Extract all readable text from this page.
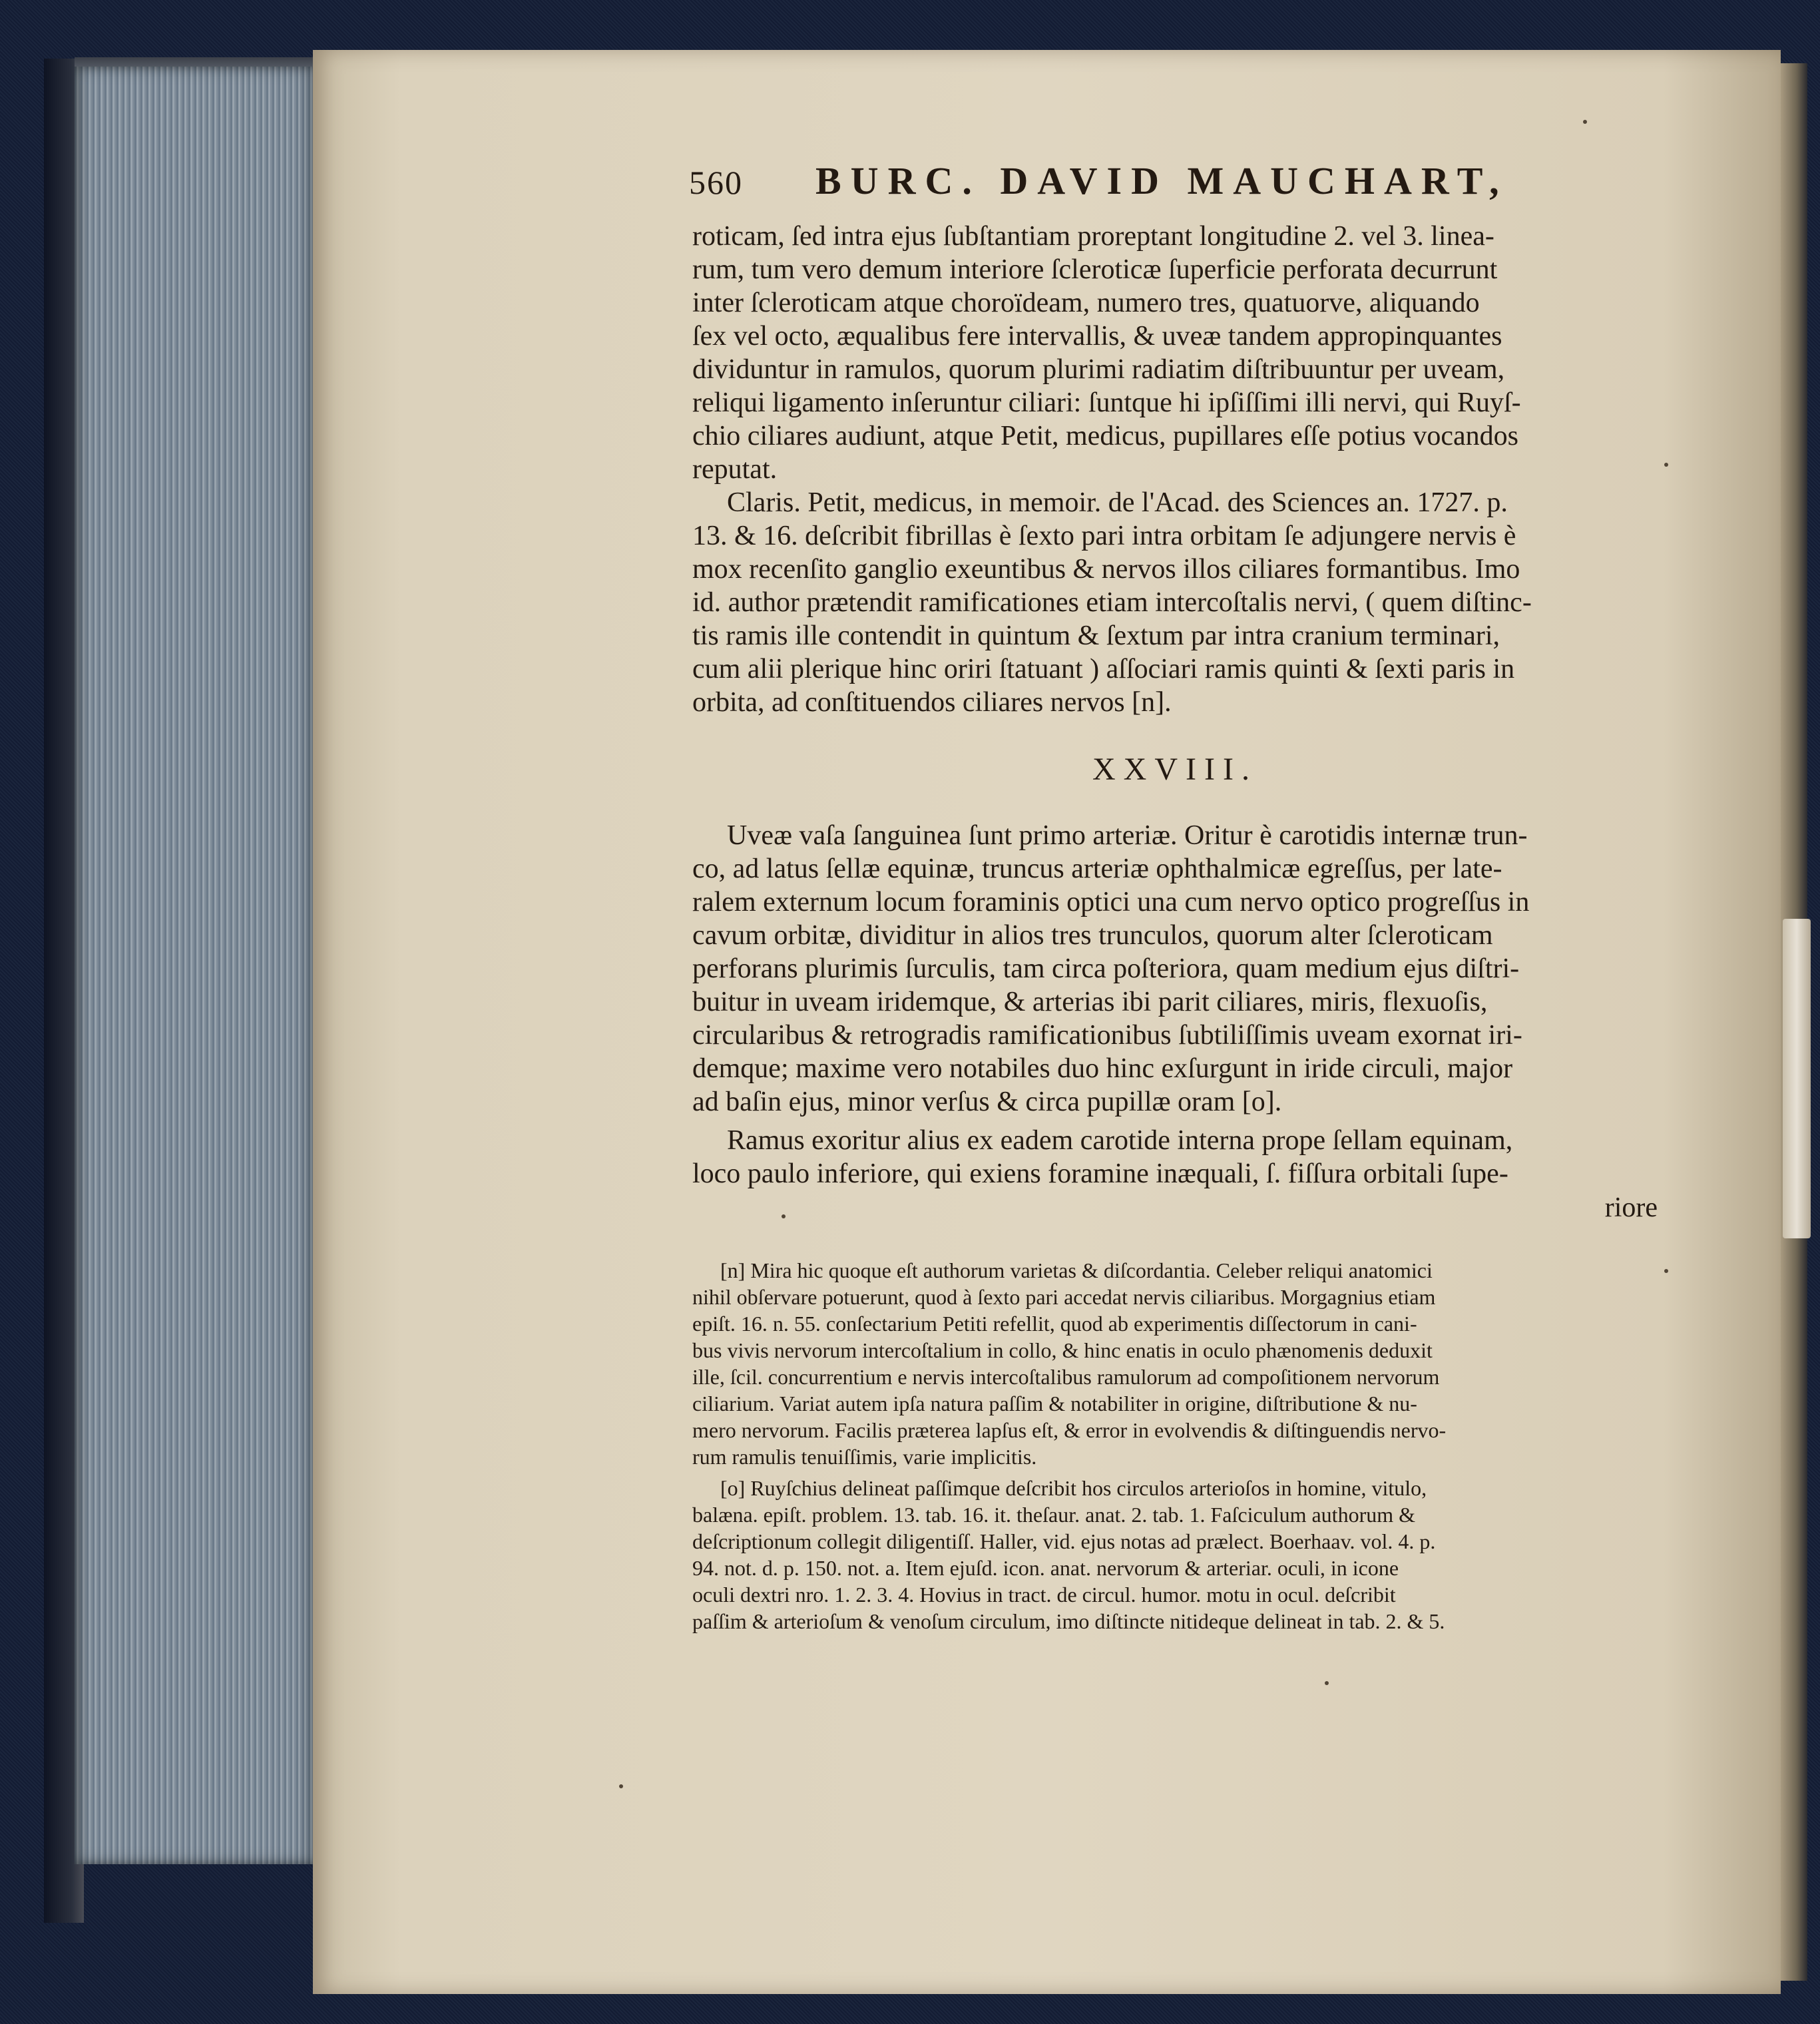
560	BURC. DAVID MAUCHART,
roticam, ſed intra ejus ſubſtantiam proreptant longitudine 2. vel 3. linea-
rum, tum vero demum interiore ſcleroticæ ſuperficie perforata decurrunt
inter ſcleroticam atque choroïdeam, numero tres, quatuorve, aliquando
ſex vel octo, æqualibus fere intervallis, & uveæ tandem appropinquantes
dividuntur in ramulos, quorum plurimi radiatim diſtribuuntur per uveam,
reliqui ligamento inſeruntur ciliari: ſuntque hi ipſiſſimi illi nervi, qui Ruyſ-
chio ciliares audiunt, atque Petit, medicus, pupillares eſſe potius vocandos
reputat.
Claris. Petit, medicus, in memoir. de l'Acad. des Sciences an. 1727. p.
13. & 16. deſcribit fibrillas è ſexto pari intra orbitam ſe adjungere nervis è
mox recenſito ganglio exeuntibus & nervos illos ciliares formantibus. Imo
id. author prætendit ramificationes etiam intercoſtalis nervi, ( quem diſtinc-
tis ramis ille contendit in quintum & ſextum par intra cranium terminari,
cum alii plerique hinc oriri ſtatuant ) aſſociari ramis quinti & ſexti paris in
orbita, ad conſtituendos ciliares nervos [n].
XXVIII.
Uveæ vaſa ſanguinea ſunt primo arteriæ. Oritur è carotidis internæ trun-
co, ad latus ſellæ equinæ, truncus arteriæ ophthalmicæ egreſſus, per late-
ralem externum locum foraminis optici una cum nervo optico progreſſus in
cavum orbitæ, dividitur in alios tres trunculos, quorum alter ſcleroticam
perforans plurimis ſurculis, tam circa poſteriora, quam medium ejus diſtri-
buitur in uveam iridemque, & arterias ibi parit ciliares, miris, flexuoſis,
circularibus & retrogradis ramificationibus ſubtiliſſimis uveam exornat iri-
demque; maxime vero notabiles duo hinc exſurgunt in iride circuli, major
ad baſin ejus, minor verſus & circa pupillæ oram [o].
Ramus exoritur alius ex eadem carotide interna prope ſellam equinam,
loco paulo inferiore, qui exiens foramine inæquali, ſ. fiſſura orbitali ſupe-
riore
[n] Mira hic quoque eſt authorum varietas & diſcordantia. Celeber reliqui anatomici
nihil obſervare potuerunt, quod à ſexto pari accedat nervis ciliaribus. Morgagnius etiam
epiſt. 16. n. 55. conſectarium Petiti refellit, quod ab experimentis diſſectorum in cani-
bus vivis nervorum intercoſtalium in collo, & hinc enatis in oculo phænomenis deduxit
ille, ſcil. concurrentium e nervis intercoſtalibus ramulorum ad compoſitionem nervorum
ciliarium. Variat autem ipſa natura paſſim & notabiliter in origine, diſtributione & nu-
mero nervorum. Facilis præterea lapſus eſt, & error in evolvendis & diſtinguendis nervo-
rum ramulis tenuiſſimis, varie implicitis.
[o] Ruyſchius delineat paſſimque deſcribit hos circulos arterioſos in homine, vitulo,
balæna. epiſt. problem. 13. tab. 16. it. theſaur. anat. 2. tab. 1. Faſciculum authorum &
deſcriptionum collegit diligentiſſ. Haller, vid. ejus notas ad prælect. Boerhaav. vol. 4. p.
94. not. d. p. 150. not. a. Item ejuſd. icon. anat. nervorum & arteriar. oculi, in icone
oculi dextri nro. 1. 2. 3. 4. Hovius in tract. de circul. humor. motu in ocul. deſcribit
paſſim & arterioſum & venoſum circulum, imo diſtincte nitideque delineat in tab. 2. & 5.
